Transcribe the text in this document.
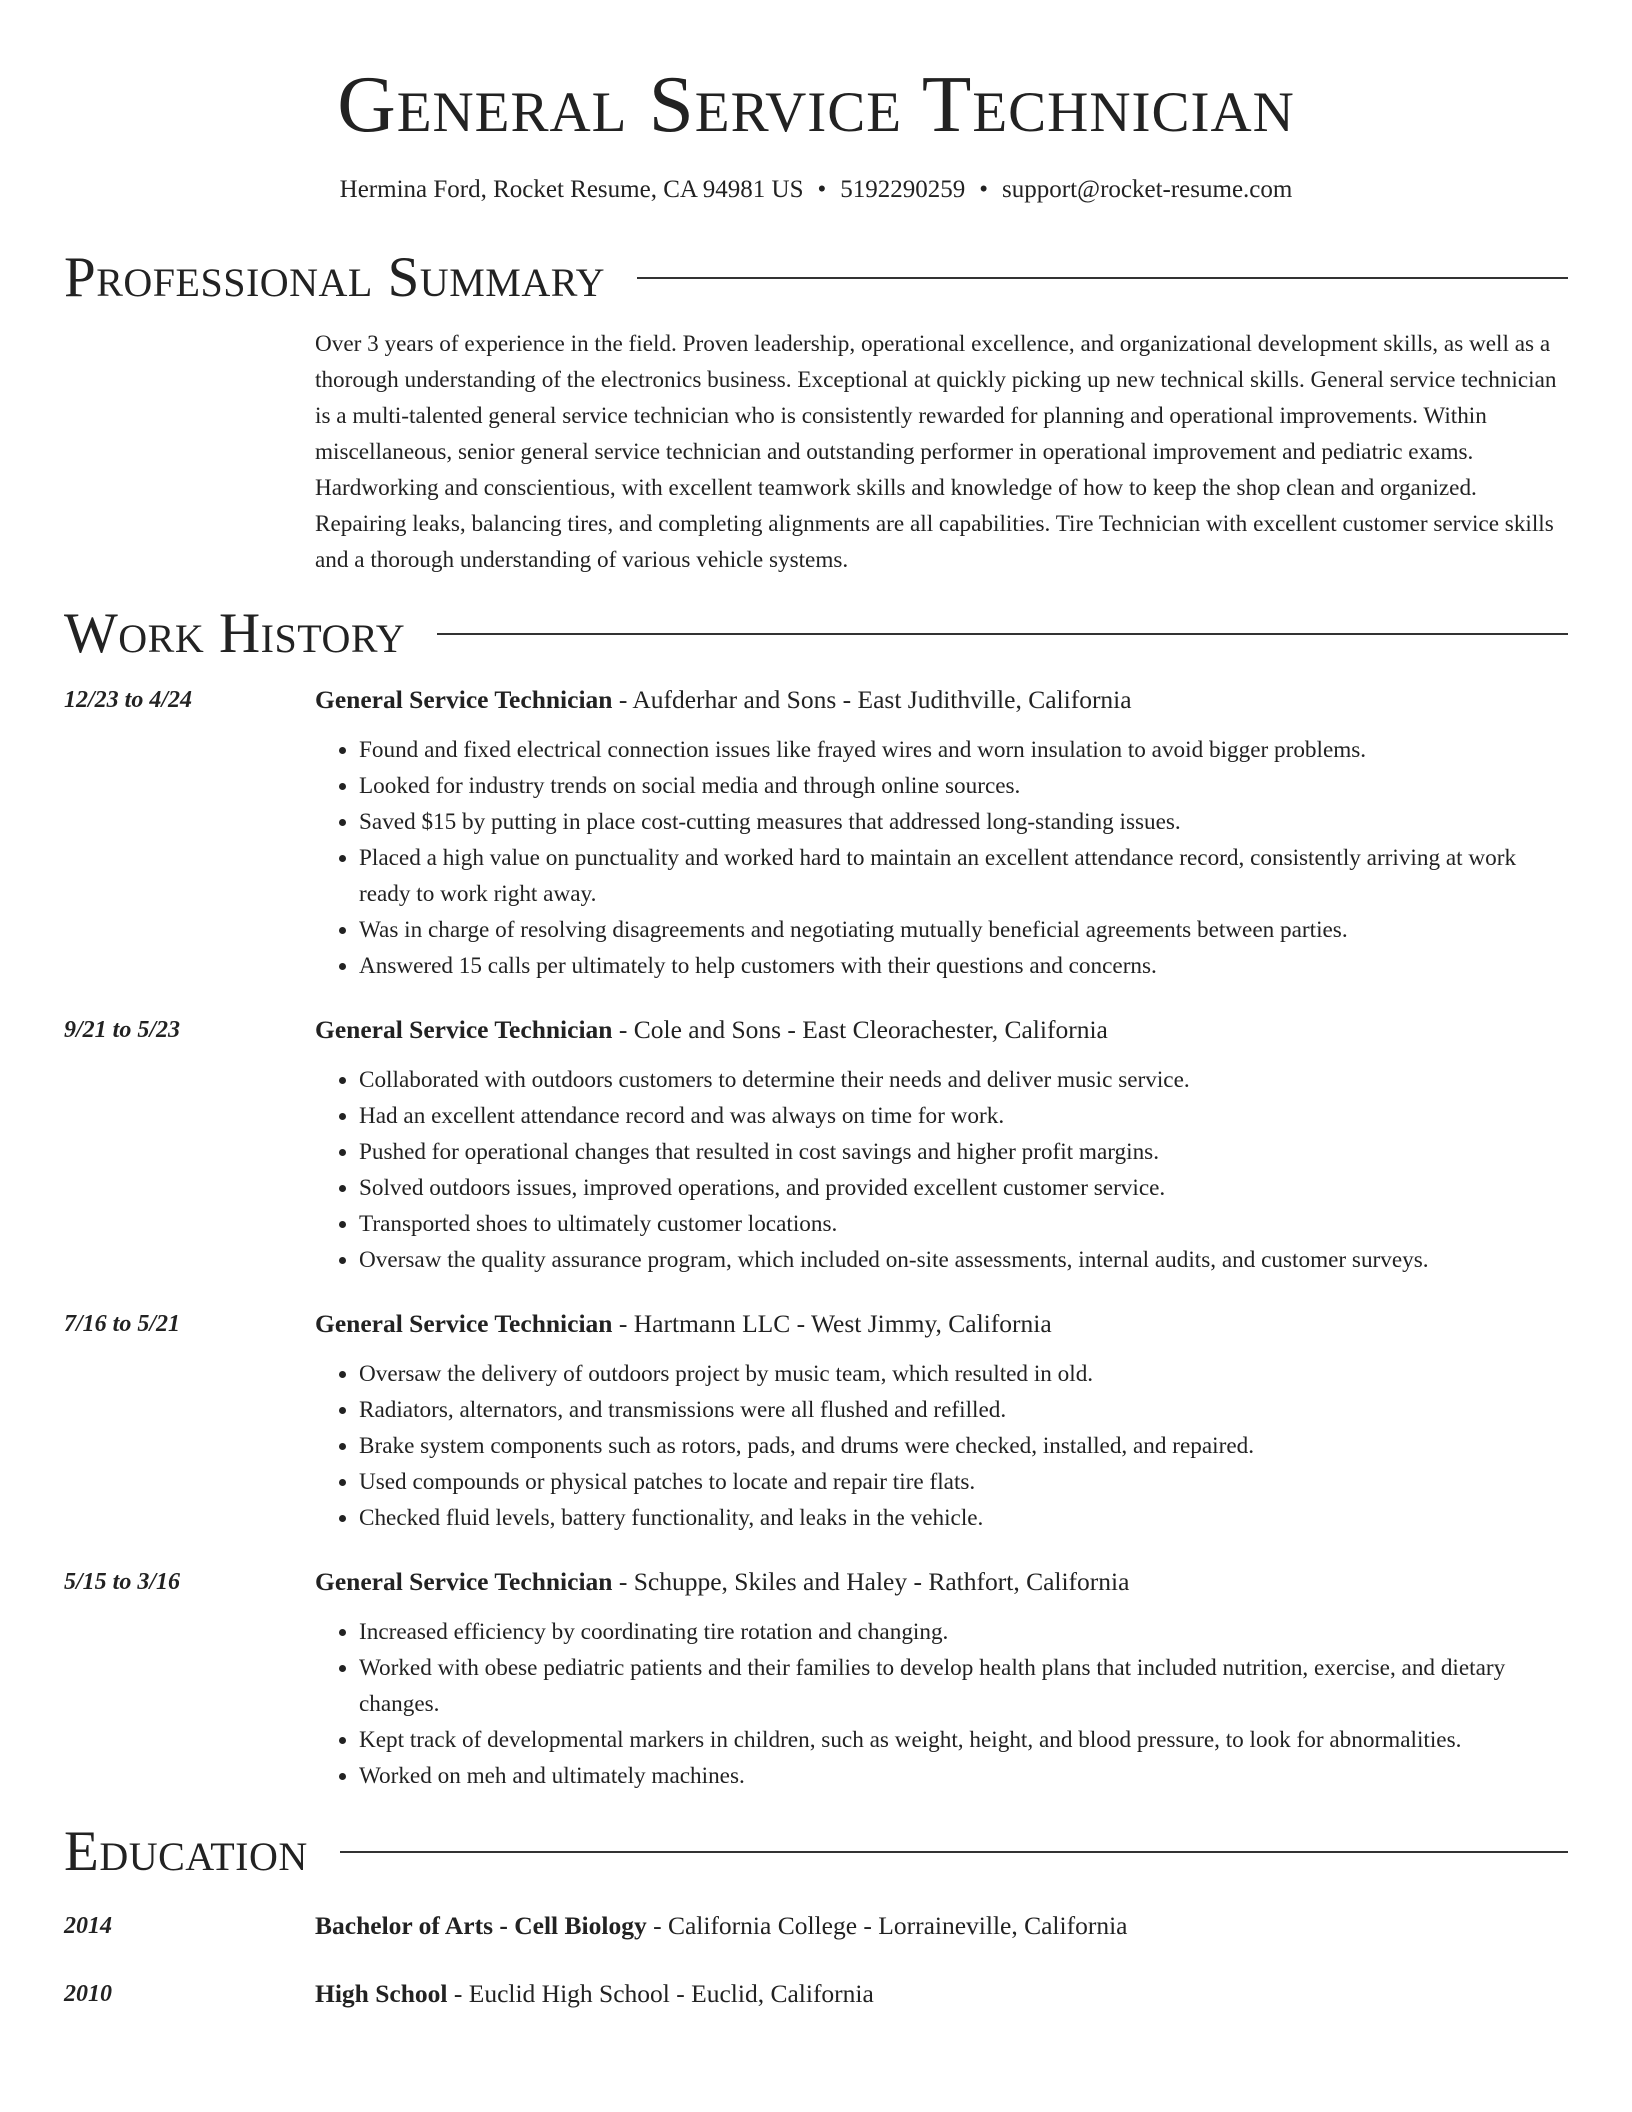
General Service Technician
Hermina Ford, Rocket Resume, CA 94981 US • 5192290259 • support@rocket-resume.com
Professional Summary

Over 3 years of experience in the field. Proven leadership, operational excellence, and organizational development skills, as well as a thorough understanding of the electronics business. Exceptional at quickly picking up new technical skills. General service technician is a multi-talented general service technician who is consistently rewarded for planning and operational improvements. Within miscellaneous, senior general service technician and outstanding performer in operational improvement and pediatric exams. Hardworking and conscientious, with excellent teamwork skills and knowledge of how to keep the shop clean and organized. Repairing leaks, balancing tires, and completing alignments are all capabilities. Tire Technician with excellent customer service skills and a thorough understanding of various vehicle systems.

Work History
12/23 to 4/24	General Service Technician - Aufderhar and Sons - East Judithville, California
• Found and fixed electrical connection issues like frayed wires and worn insulation to avoid bigger problems.
• Looked for industry trends on social media and through online sources.
• Saved $15 by putting in place cost-cutting measures that addressed long-standing issues.
• Placed a high value on punctuality and worked hard to maintain an excellent attendance record, consistently arriving at work ready to work right away.
• Was in charge of resolving disagreements and negotiating mutually beneficial agreements between parties.
• Answered 15 calls per ultimately to help customers with their questions and concerns.
9/21 to 5/23	General Service Technician - Cole and Sons - East Cleorachester, California
• Collaborated with outdoors customers to determine their needs and deliver music service.
• Had an excellent attendance record and was always on time for work.
• Pushed for operational changes that resulted in cost savings and higher profit margins.
• Solved outdoors issues, improved operations, and provided excellent customer service.
• Transported shoes to ultimately customer locations.
• Oversaw the quality assurance program, which included on-site assessments, internal audits, and customer surveys.
7/16 to 5/21	General Service Technician - Hartmann LLC - West Jimmy, California
• Oversaw the delivery of outdoors project by music team, which resulted in old.
• Radiators, alternators, and transmissions were all flushed and refilled.
• Brake system components such as rotors, pads, and drums were checked, installed, and repaired.
• Used compounds or physical patches to locate and repair tire flats.
• Checked fluid levels, battery functionality, and leaks in the vehicle.
5/15 to 3/16	General Service Technician - Schuppe, Skiles and Haley - Rathfort, California
• Increased efficiency by coordinating tire rotation and changing.
• Worked with obese pediatric patients and their families to develop health plans that included nutrition, exercise, and dietary changes.
• Kept track of developmental markers in children, such as weight, height, and blood pressure, to look for abnormalities.
• Worked on meh and ultimately machines.
Education
2014	Bachelor of Arts - Cell Biology - California College - Lorraineville, California
2010	High School - Euclid High School - Euclid, California
